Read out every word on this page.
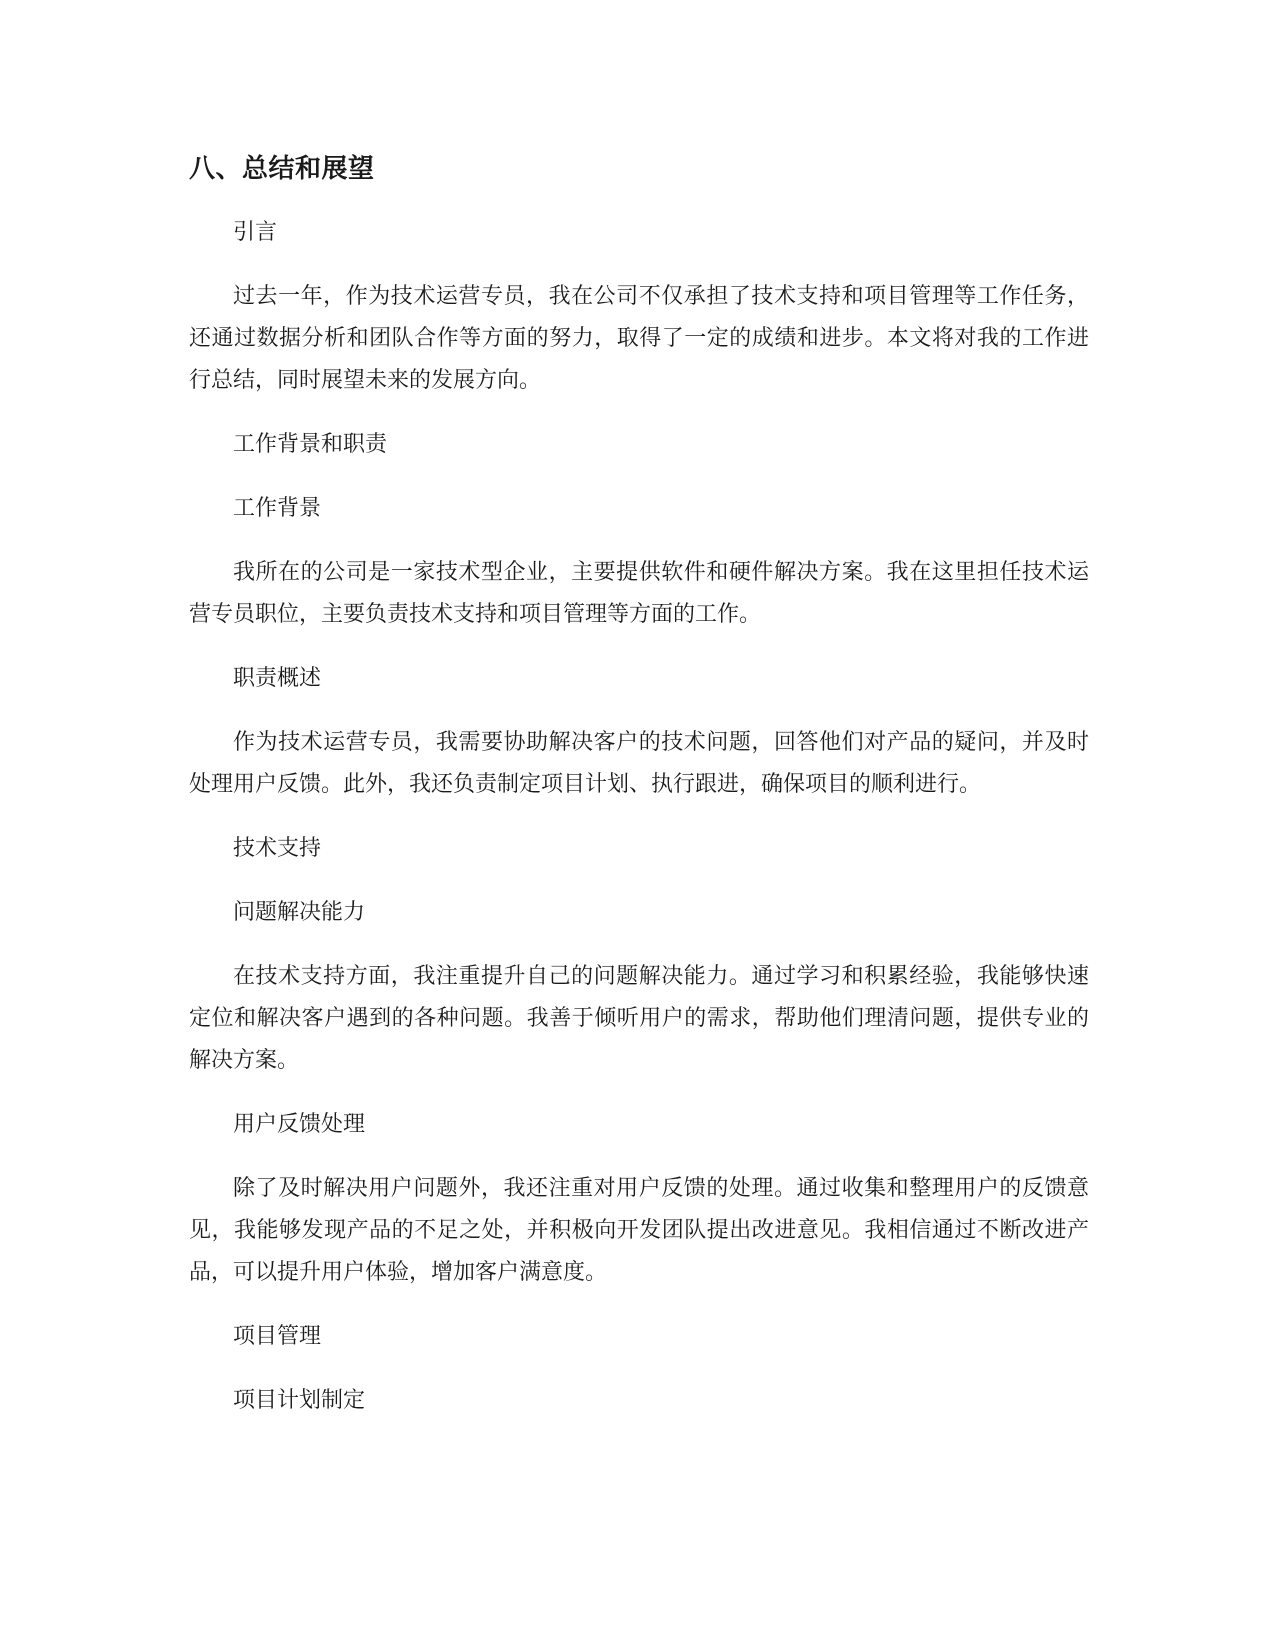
八、总结和展望
引言
过去一年，作为技术运营专员，我在公司不仅承担了技术支持和项目管理等工作任务，还通过数据分析和团队合作等方面的努力，取得了一定的成绩和进步。本文将对我的工作进行总结，同时展望未来的发展方向。
工作背景和职责
工作背景
我所在的公司是一家技术型企业，主要提供软件和硬件解决方案。我在这里担任技术运营专员职位，主要负责技术支持和项目管理等方面的工作。
职责概述
作为技术运营专员，我需要协助解决客户的技术问题，回答他们对产品的疑问，并及时处理用户反馈。此外，我还负责制定项目计划、执行跟进，确保项目的顺利进行。
技术支持
问题解决能力
在技术支持方面，我注重提升自己的问题解决能力。通过学习和积累经验，我能够快速定位和解决客户遇到的各种问题。我善于倾听用户的需求，帮助他们理清问题，提供专业的解决方案。
用户反馈处理
除了及时解决用户问题外，我还注重对用户反馈的处理。通过收集和整理用户的反馈意见，我能够发现产品的不足之处，并积极向开发团队提出改进意见。我相信通过不断改进产品，可以提升用户体验，增加客户满意度。
项目管理
项目计划制定
